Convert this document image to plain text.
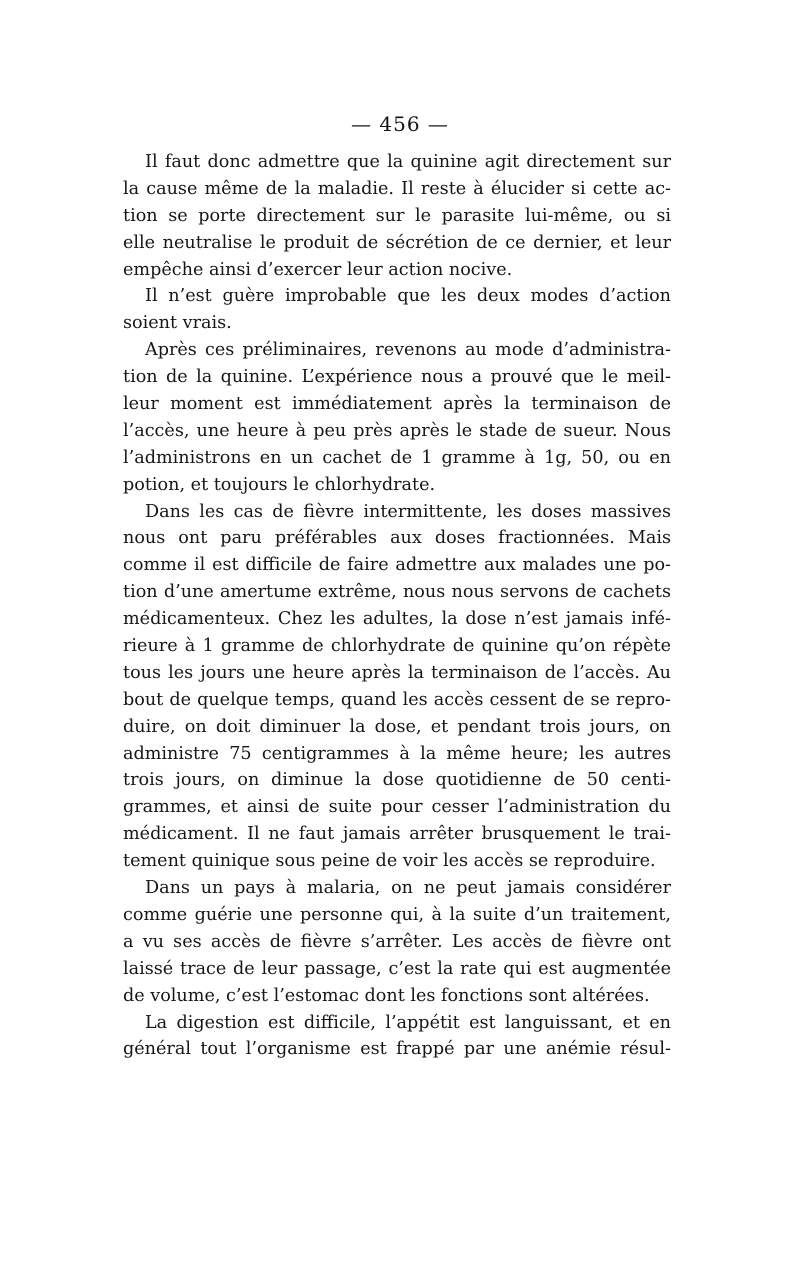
— 456 —
Il faut donc admettre que la quinine agit directement sur
la cause même de la maladie. Il reste à élucider si cette ac-
tion se porte directement sur le parasite lui-même, ou si
elle neutralise le produit de sécrétion de ce dernier, et leur
empêche ainsi d’exercer leur action nocive.
Il n’est guère improbable que les deux modes d’action
soient vrais.
Après ces préliminaires, revenons au mode d’administra-
tion de la quinine. L’expérience nous a prouvé que le meil-
leur moment est immédiatement après la terminaison de
l’accès, une heure à peu près après le stade de sueur. Nous
l’administrons en un cachet de 1 gramme à 1g, 50, ou en
potion, et toujours le chlorhydrate.
Dans les cas de fièvre intermittente, les doses massives
nous ont paru préférables aux doses fractionnées. Mais
comme il est difficile de faire admettre aux malades une po-
tion d’une amertume extrême, nous nous servons de cachets
médicamenteux. Chez les adultes, la dose n’est jamais infé-
rieure à 1 gramme de chlorhydrate de quinine qu’on répète
tous les jours une heure après la terminaison de l’accès. Au
bout de quelque temps, quand les accès cessent de se repro-
duire, on doit diminuer la dose, et pendant trois jours, on
administre 75 centigrammes à la même heure; les autres
trois jours, on diminue la dose quotidienne de 50 centi-
grammes, et ainsi de suite pour cesser l’administration du
médicament. Il ne faut jamais arrêter brusquement le trai-
tement quinique sous peine de voir les accès se reproduire.
Dans un pays à malaria, on ne peut jamais considérer
comme guérie une personne qui, à la suite d’un traitement,
a vu ses accès de fièvre s’arrêter. Les accès de fièvre ont
laissé trace de leur passage, c’est la rate qui est augmentée
de volume, c’est l’estomac dont les fonctions sont altérées.
La digestion est difficile, l’appétit est languissant, et en
général tout l’organisme est frappé par une anémie résul-
